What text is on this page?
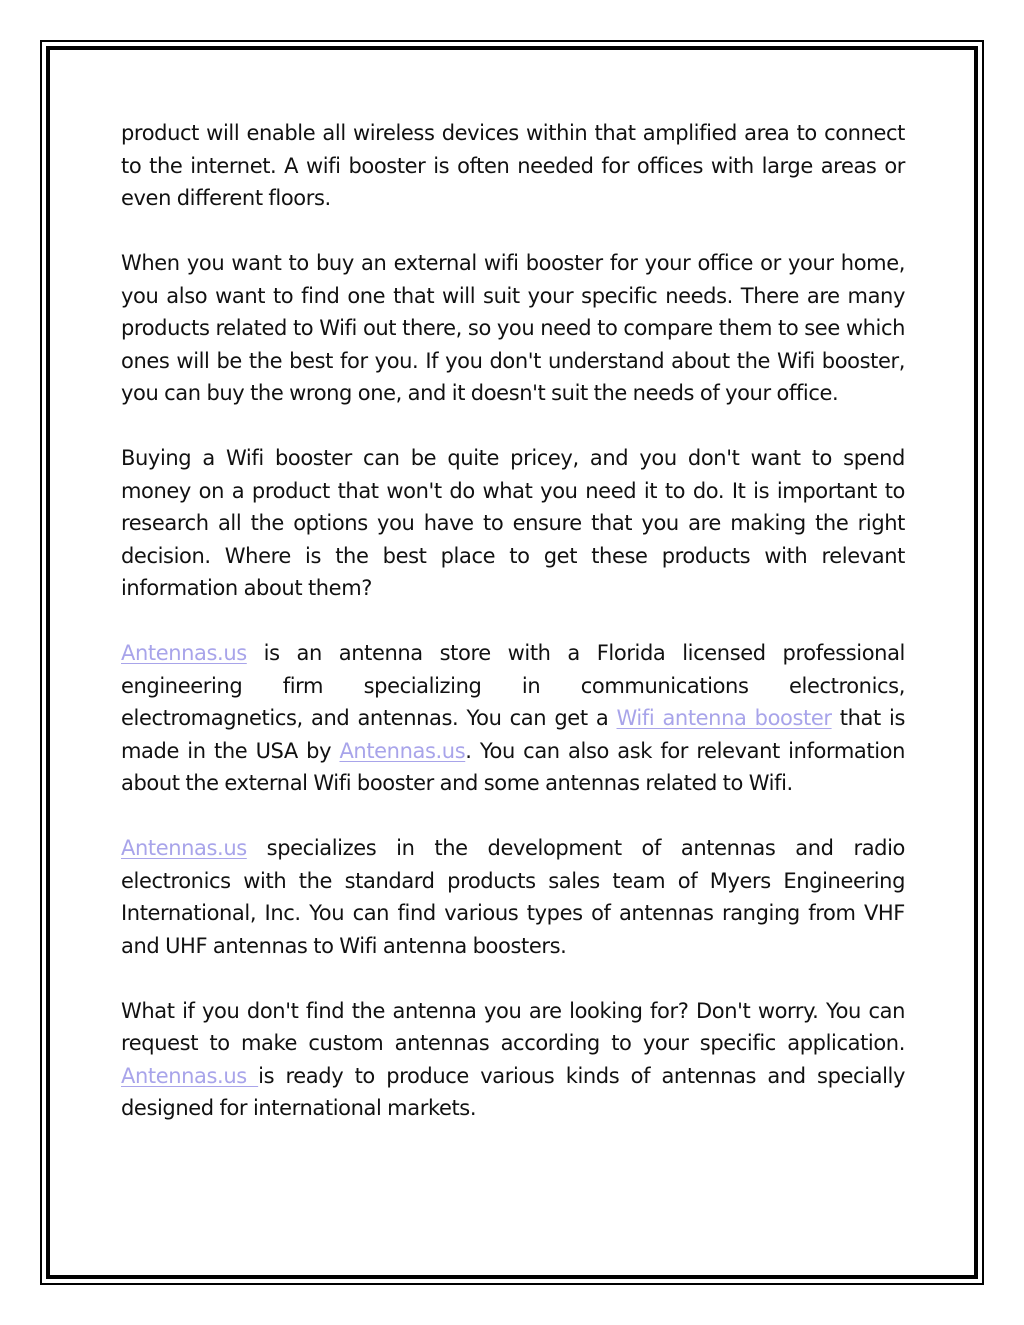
product will enable all wireless devices within that amplified area to connect to the internet. A wifi booster is often needed for offices with large areas or even different floors.

When you want to buy an external wifi booster for your office or your home, you also want to find one that will suit your specific needs. There are many products related to Wifi out there, so you need to compare them to see which ones will be the best for you. If you don't understand about the Wifi booster, you can buy the wrong one, and it doesn't suit the needs of your office.

Buying a Wifi booster can be quite pricey, and you don't want to spend money on a product that won't do what you need it to do. It is important to research all the options you have to ensure that you are making the right decision. Where is the best place to get these products with relevant information about them?

Antennas.us is an antenna store with a Florida licensed professional engineering firm specializing in communications electronics, electromagnetics, and antennas. You can get a Wifi antenna booster that is made in the USA by Antennas.us. You can also ask for relevant information about the external Wifi booster and some antennas related to Wifi.

Antennas.us specializes in the development of antennas and radio electronics with the standard products sales team of Myers Engineering International, Inc. You can find various types of antennas ranging from VHF and UHF antennas to Wifi antenna boosters.

What if you don't find the antenna you are looking for? Don't worry. You can request to make custom antennas according to your specific application. Antennas.us is ready to produce various kinds of antennas and specially designed for international markets.
